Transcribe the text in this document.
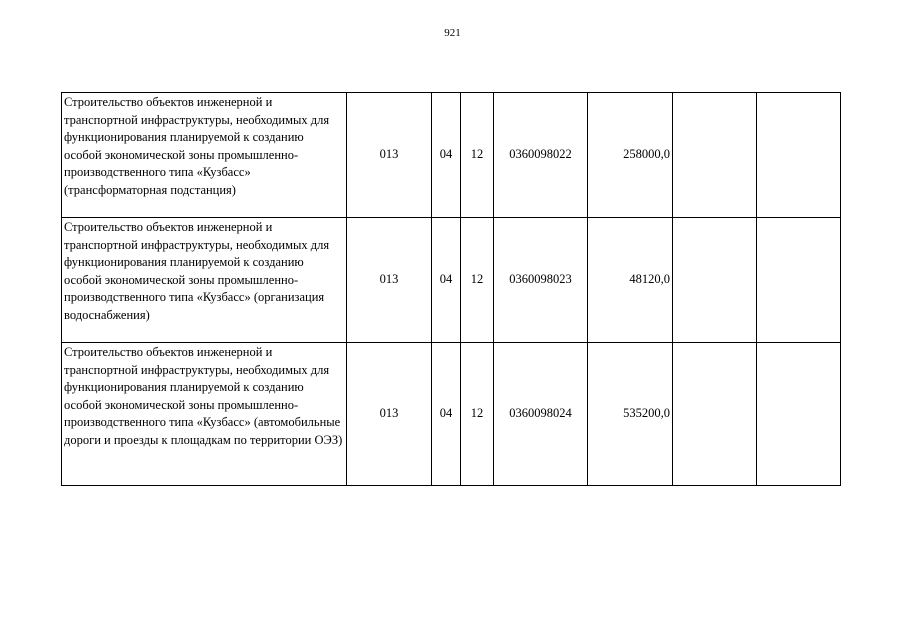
921
Строительство объектов инженерной и транспортной инфраструктуры, необходимых для функционирования планируемой к созданию особой экономической зоны промышленно-производственного типа «Кузбасс» (трансформаторная подстанция)	013	04	12	0360098022	258000,0		
Строительство объектов инженерной и транспортной инфраструктуры, необходимых для функционирования планируемой к созданию особой экономической зоны промышленно-производственного типа «Кузбасс» (организация водоснабжения)	013	04	12	0360098023	48120,0		
Строительство объектов инженерной и транспортной инфраструктуры, необходимых для функционирования планируемой к созданию особой экономической зоны промышленно-производственного типа «Кузбасс» (автомобильные дороги и проезды к площадкам по территории ОЭЗ)	013	04	12	0360098024	535200,0		
